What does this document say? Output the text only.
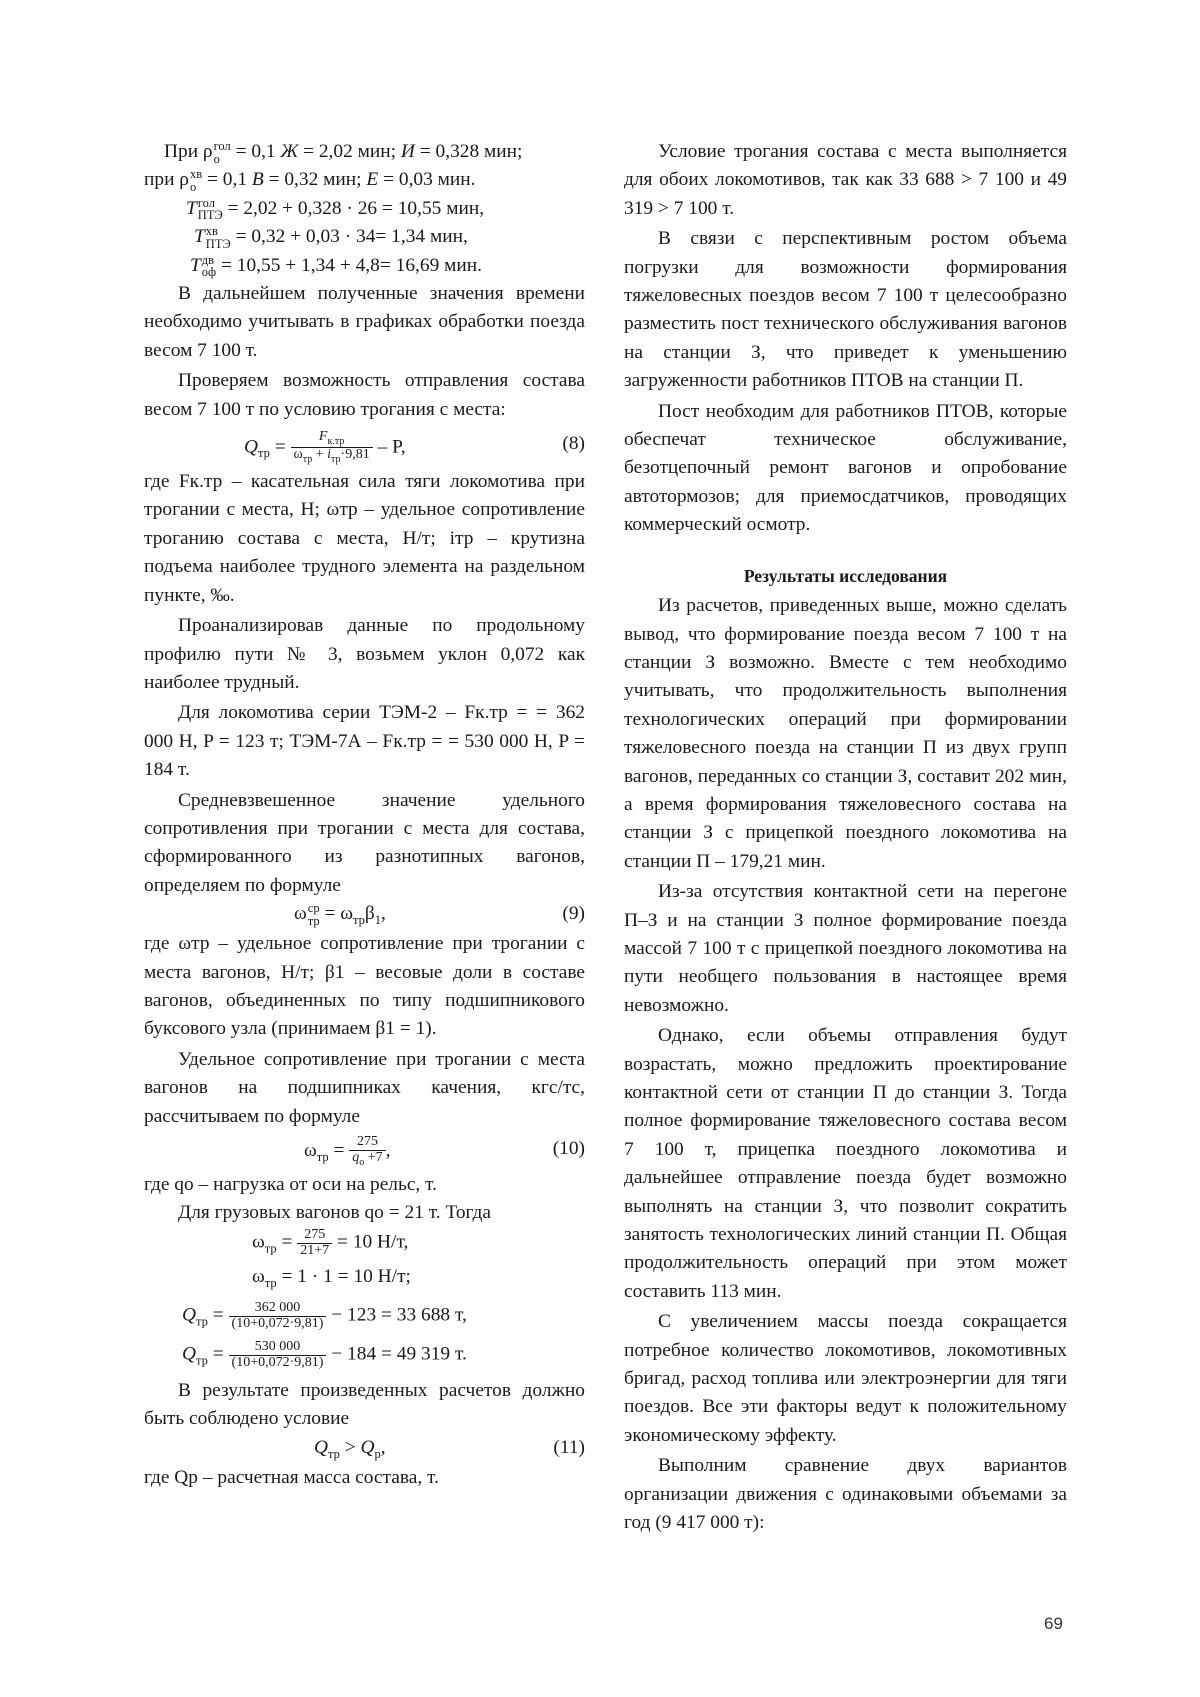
При ρ гол
о = 0,1 Ж = 2,02 мин; И = 0,328 мин;
при ρ хв
о = 0,1 В = 0,32 мин; Е = 0,03 мин.
Т гол
ПТЭ = 2,02 + 0,328 · 26 = 10,55 мин,
Т хв
ПТЭ = 0,32 + 0,03 · 34= 1,34 мин,
Т дв
оф = 10,55 + 1,34 + 4,8= 16,69 мин.

В дальнейшем полученные значения времени необходимо учитывать в графиках обработки поезда весом 7 100 т.

Проверяем возможность отправления состава весом 7 100 т по условию трогания с места:

Qтр =	Fк.тр
ωтр + iтр·9,81 – P,	(8)

где Fк.тр – касательная сила тяги локомотива при трогании с места, Н; ωтр – удельное сопротивление троганию состава с места, Н/т; iтр – крутизна подъема наиболее трудного элемента на раздельном пункте, ‰.

Проанализировав данные по продольному профилю пути № 3, возьмем уклон 0,072 как наиболее трудный.

Для локомотива серии ТЭМ-2 – Fк.тр = = 362 000 Н, P = 123 т; ТЭМ-7А – Fк.тр = = 530 000 Н, P = 184 т.

Средневзвешенное значение удельного сопротивления при трогании с места для состава, сформированного из разнотипных вагонов, определяем по формуле

ω ср
тр = ωтрβ1,	(9)

где ωтр – удельное сопротивление при трогании с места вагонов, Н/т; β1 – весовые доли в составе вагонов, объединенных по типу подшипникового буксового узла (принимаем β1 = 1).

Удельное сопротивление при трогании с места вагонов на подшипниках качения, кгс/тс, рассчитываем по формуле

ωтр = 275
qо +7 ,	(10)

где qо – нагрузка от оси на рельс, т.

Для грузовых вагонов qо = 21 т. Тогда

ωтр = 275
21+7 = 10 Н/т,
ωтр = 1 · 1 = 10 Н/т;
Qтр =	362 000
(10+0,072·9,81) − 123 = 33 688 т,
Qтр =	530 000
(10+0,072·9,81) − 184 = 49 319 т.

В результате произведенных расчетов должно быть соблюдено условие

Qтр > Qр,	(11)

где Qр – расчетная масса состава, т.

Условие трогания состава с места выполняется для обоих локомотивов, так как 33 688 > 7 100 и 49 319 > 7 100 т.

В связи с перспективным ростом объема погрузки для возможности формирования тяжеловесных поездов весом 7 100 т целесообразно разместить пост технического обслуживания вагонов на станции З, что приведет к уменьшению загруженности работников ПТОВ на станции П.

Пост необходим для работников ПТОВ, которые обеспечат техническое обслуживание, безотцепочный ремонт вагонов и опробование автотормозов; для приемосдатчиков, проводящих коммерческий осмотр.

Результаты исследования

Из расчетов, приведенных выше, можно сделать вывод, что формирование поезда весом 7 100 т на станции З возможно. Вместе с тем необходимо учитывать, что продолжительность выполнения технологических операций при формировании тяжеловесного поезда на станции П из двух групп вагонов, переданных со станции З, составит 202 мин, а время формирования тяжеловесного состава на станции З с прицепкой поездного локомотива на станции П – 179,21 мин.

Из-за отсутствия контактной сети на перегоне П–З и на станции З полное формирование поезда массой 7 100 т с прицепкой поездного локомотива на пути необщего пользования в настоящее время невозможно.

Однако, если объемы отправления будут возрастать, можно предложить проектирование контактной сети от станции П до станции З. Тогда полное формирование тяжеловесного состава весом 7 100 т, прицепка поездного локомотива и дальнейшее отправление поезда будет возможно выполнять на станции З, что позволит сократить занятость технологических линий станции П. Общая продолжительность операций при этом может составить 113 мин.

С увеличением массы поезда сокращается потребное количество локомотивов, локомотивных бригад, расход топлива или электроэнергии для тяги поездов. Все эти факторы ведут к положительному экономическому эффекту.

Выполним сравнение двух вариантов организации движения с одинаковыми объемами за год (9 417 000 т):

69
